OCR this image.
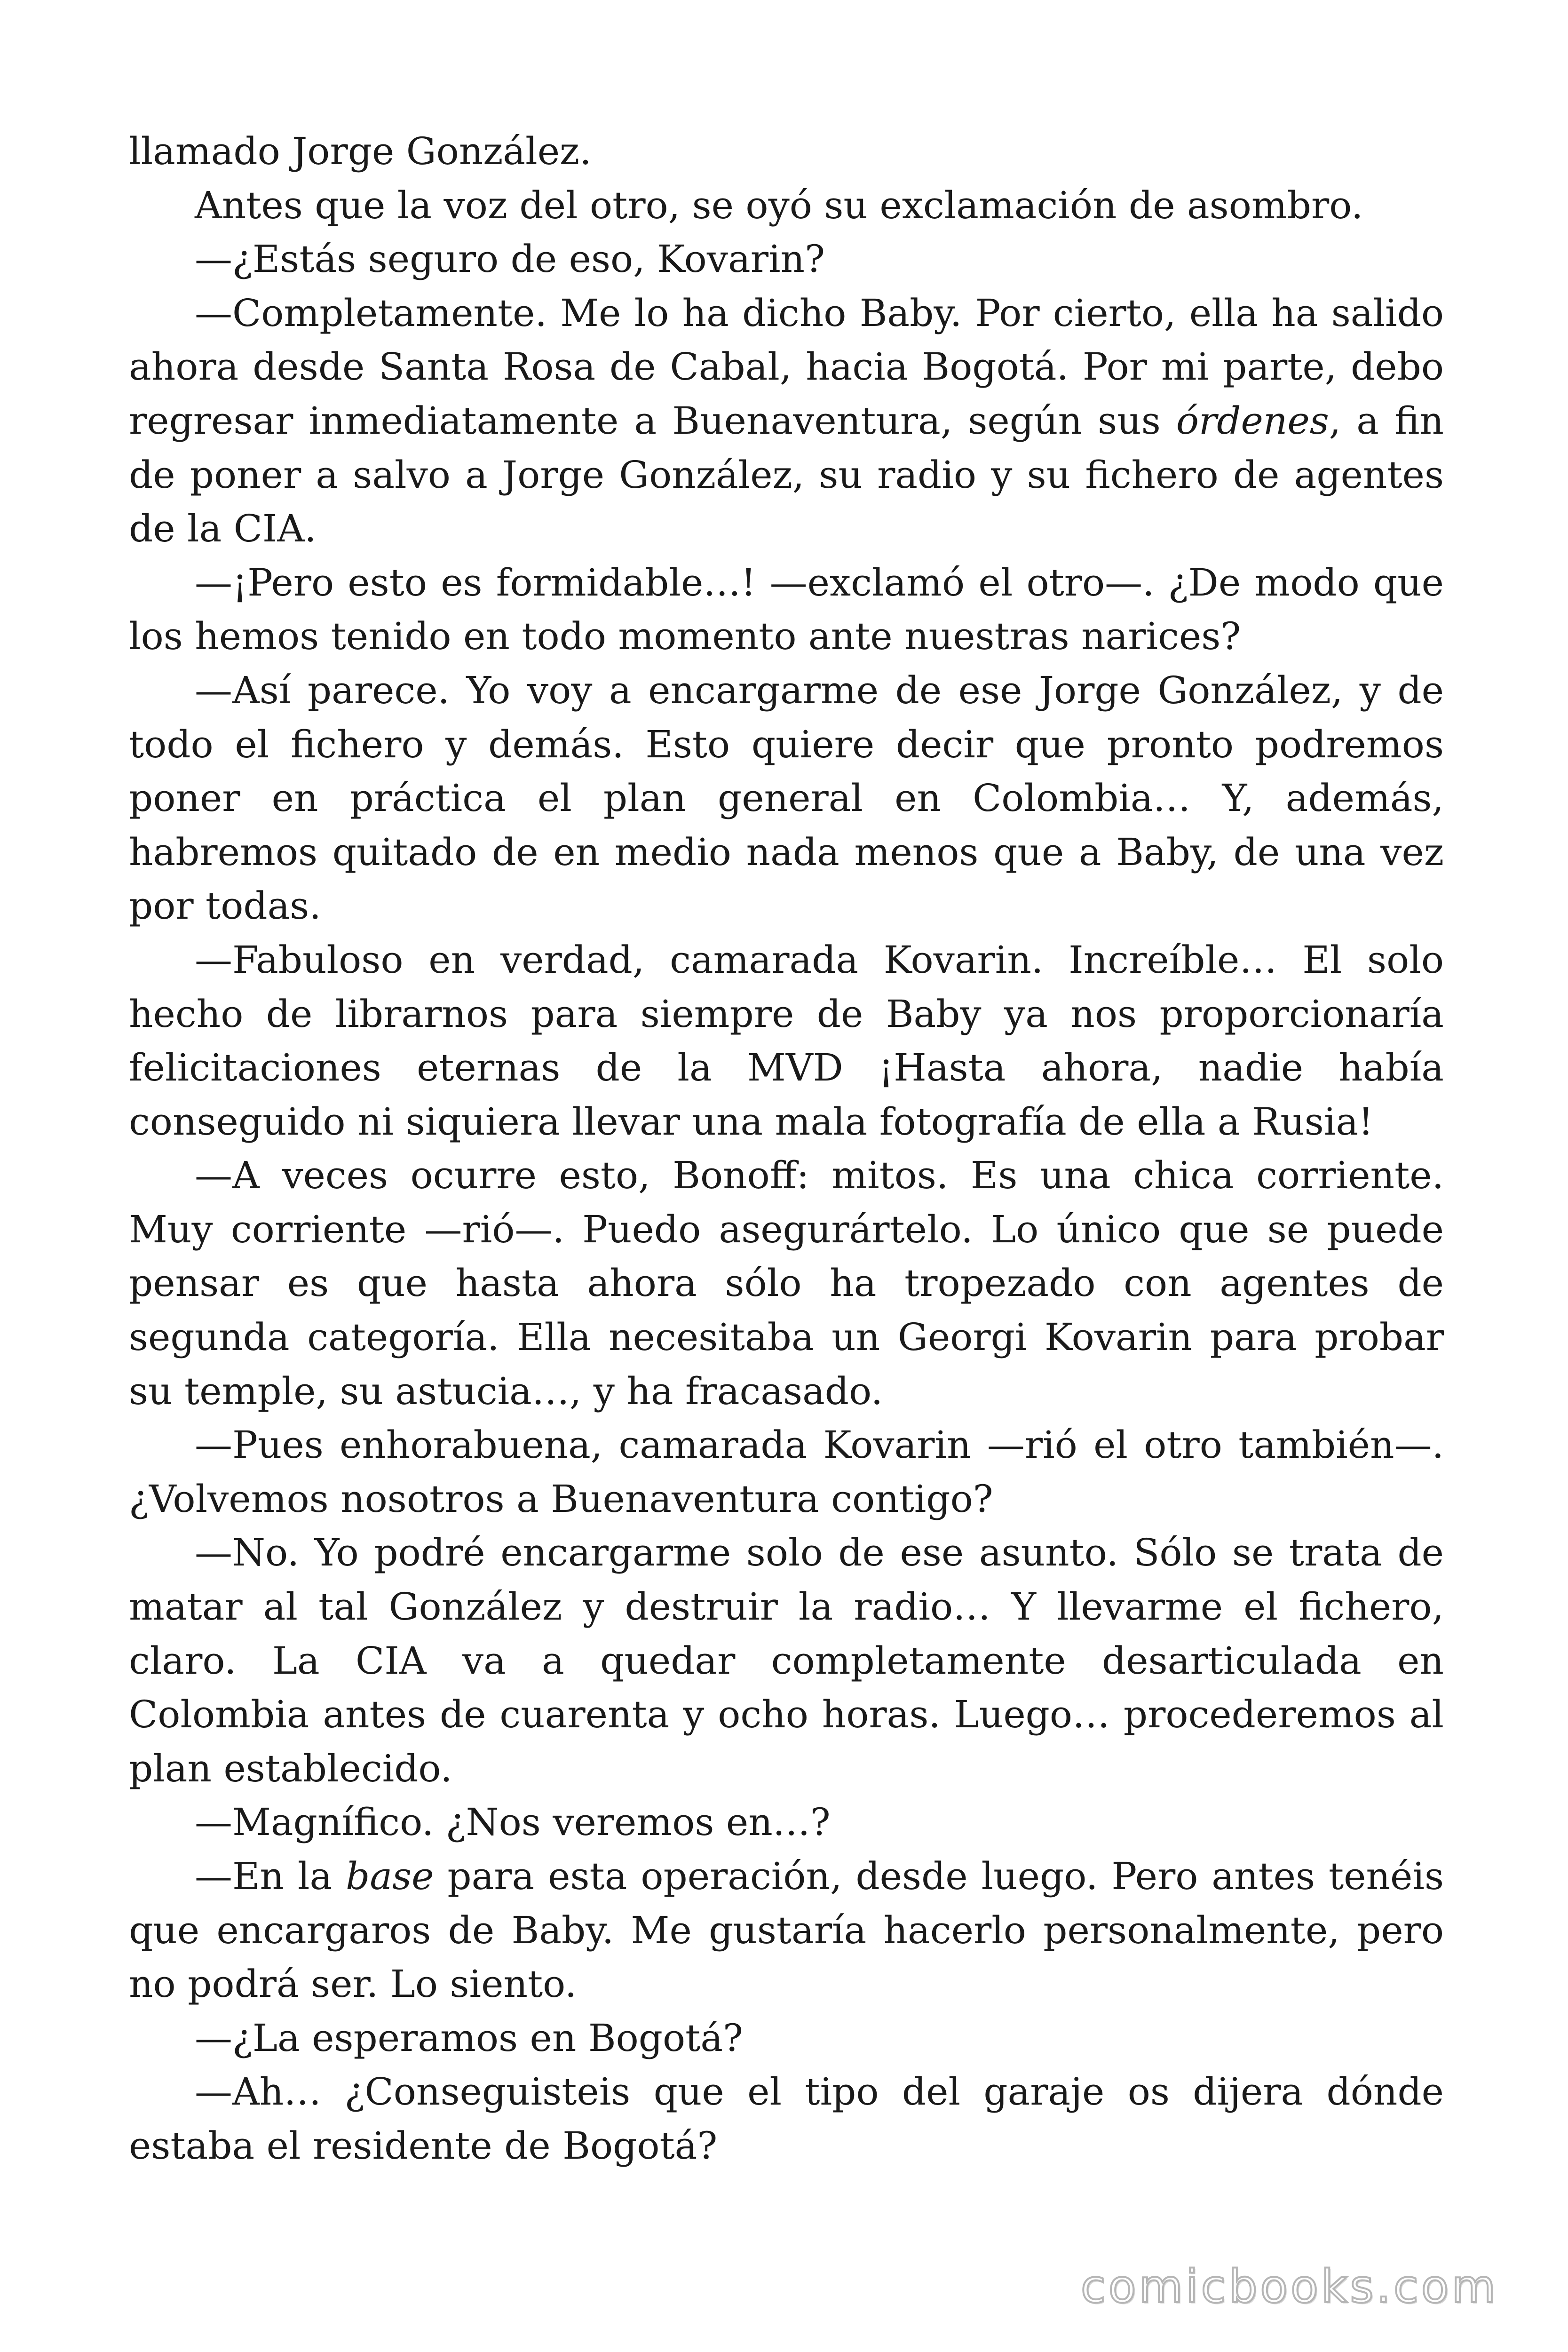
llamado Jorge González.

Antes que la voz del otro, se oyó su exclamación de asombro.

—¿Estás seguro de eso, Kovarin?

—Completamente. Me lo ha dicho Baby. Por cierto, ella ha salido ahora desde Santa Rosa de Cabal, hacia Bogotá. Por mi parte, debo regresar inmediatamente a Buenaventura, según sus órdenes, a fin de poner a salvo a Jorge González, su radio y su fichero de agentes de la CIA.

—¡Pero esto es formidable…! —exclamó el otro—. ¿De modo que los hemos tenido en todo momento ante nuestras narices?

—Así parece. Yo voy a encargarme de ese Jorge González, y de todo el fichero y demás. Esto quiere decir que pronto podremos poner en práctica el plan general en Colombia… Y, además, habremos quitado de en medio nada menos que a Baby, de una vez por todas.

—Fabuloso en verdad, camarada Kovarin. Increíble… El solo hecho de librarnos para siempre de Baby ya nos proporcionaría felicitaciones eternas de la MVD ¡Hasta ahora, nadie había conseguido ni siquiera llevar una mala fotografía de ella a Rusia!

—A veces ocurre esto, Bonoff: mitos. Es una chica corriente. Muy corriente —rió—. Puedo asegurártelo. Lo único que se puede pensar es que hasta ahora sólo ha tropezado con agentes de segunda categoría. Ella necesitaba un Georgi Kovarin para probar su temple, su astucia…, y ha fracasado.

—Pues enhorabuena, camarada Kovarin —rió el otro también—. ¿Volvemos nosotros a Buenaventura contigo?

—No. Yo podré encargarme solo de ese asunto. Sólo se trata de matar al tal González y destruir la radio… Y llevarme el fichero, claro. La CIA va a quedar completamente desarticulada en Colombia antes de cuarenta y ocho horas. Luego… procederemos al plan establecido.

—Magnífico. ¿Nos veremos en…?

—En la base para esta operación, desde luego. Pero antes tenéis que encargaros de Baby. Me gustaría hacerlo personalmente, pero no podrá ser. Lo siento.

—¿La esperamos en Bogotá?

—Ah… ¿Conseguisteis que el tipo del garaje os dijera dónde estaba el residente de Bogotá?

comicbooks.com
